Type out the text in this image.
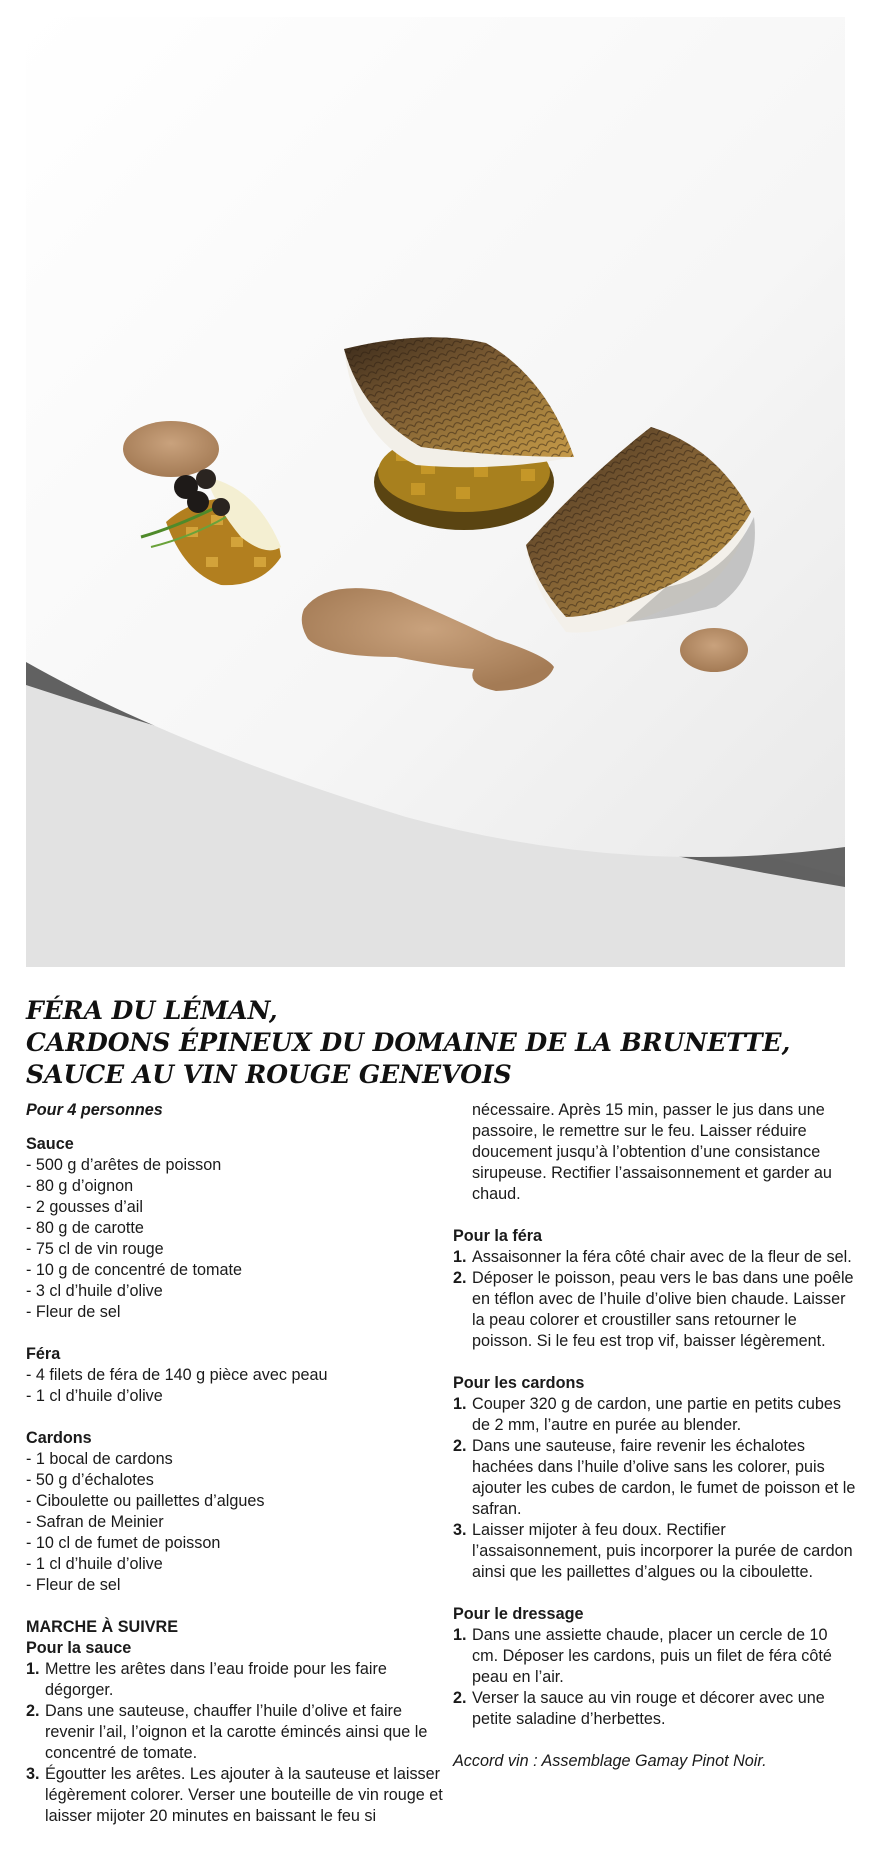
FÉRA DU LÉMAN,
CARDONS ÉPINEUX DU DOMAINE DE LA BRUNETTE,
SAUCE AU VIN ROUGE GENEVOIS

Pour 4 personnes

Sauce

- 500 g d’arêtes de poisson
- 80 g d’oignon
- 2 gousses d’ail
- 80 g de carotte
- 75 cl de vin rouge
- 10 g de concentré de tomate
- 3 cl d’huile d’olive
- Fleur de sel

Féra

- 4 filets de féra de 140 g pièce avec peau
- 1 cl d’huile d’olive

Cardons

- 1 bocal de cardons
- 50 g d’échalotes
- Ciboulette ou paillettes d’algues
- Safran de Meinier
- 10 cl de fumet de poisson
- 1 cl d’huile d’olive
- Fleur de sel

MARCHE À SUIVRE

Pour la sauce

1. Mettre les arêtes dans l’eau froide pour les faire dégorger.
2. Dans une sauteuse, chauffer l’huile d’olive et faire revenir l’ail, l’oignon et la carotte émincés ainsi que le concentré de tomate.
3. Égoutter les arêtes. Les ajouter à la sauteuse et laisser légèrement colorer. Verser une bouteille de vin rouge et laisser mijoter 20 minutes en baissant le feu si

nécessaire. Après 15 min, passer le jus dans une passoire, le remettre sur le feu. Laisser réduire doucement jusqu’à l’obtention d’une consistance sirupeuse. Rectifier l’assaisonnement et garder au chaud.

Pour la féra

1. Assaisonner la féra côté chair avec de la fleur de sel.
2. Déposer le poisson, peau vers le bas dans une poêle en téflon avec de l’huile d’olive bien chaude. Laisser la peau colorer et croustiller sans retourner le poisson. Si le feu est trop vif, baisser légèrement.

Pour les cardons

1. Couper 320 g de cardon, une partie en petits cubes de 2 mm, l’autre en purée au blender.
2. Dans une sauteuse, faire revenir les échalotes hachées dans l’huile d’olive sans les colorer, puis ajouter les cubes de cardon, le fumet de poisson et le safran.
3. Laisser mijoter à feu doux. Rectifier l’assaisonnement, puis incorporer la purée de cardon ainsi que les paillettes d’algues ou la ciboulette.

Pour le dressage

1. Dans une assiette chaude, placer un cercle de 10 cm. Déposer les cardons, puis un filet de féra côté peau en l’air.
2. Verser la sauce au vin rouge et décorer avec une petite saladine d’herbettes.

Accord vin : Assemblage Gamay Pinot Noir.
